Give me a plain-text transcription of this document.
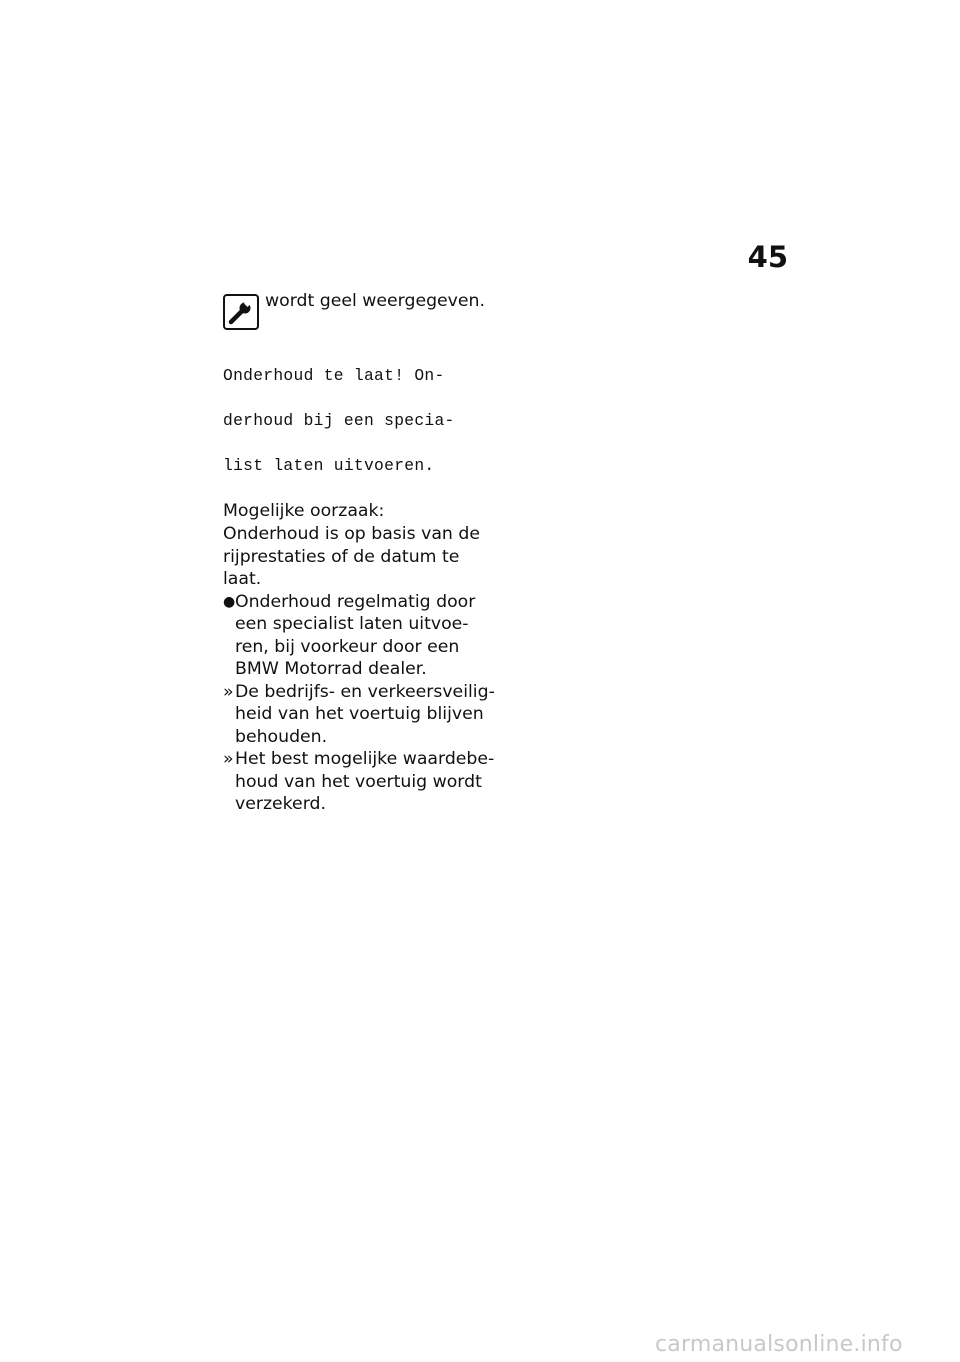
45
wordt geel weergegeven.

Onderhoud te laat! On-

derhoud bij een specia-

list laten uitvoeren.

Mogelijke oorzaak:
Onderhoud is op basis van de
rijprestaties of de datum te
laat.
● Onderhoud regelmatig door
een specialist laten uitvoe-
ren, bij voorkeur door een
BMW Motorrad dealer.
» De bedrijfs- en verkeersveilig-
heid van het voertuig blijven
behouden.
» Het best mogelijke waardebe-
houd van het voertuig wordt
verzekerd.
carmanualsonline.info
